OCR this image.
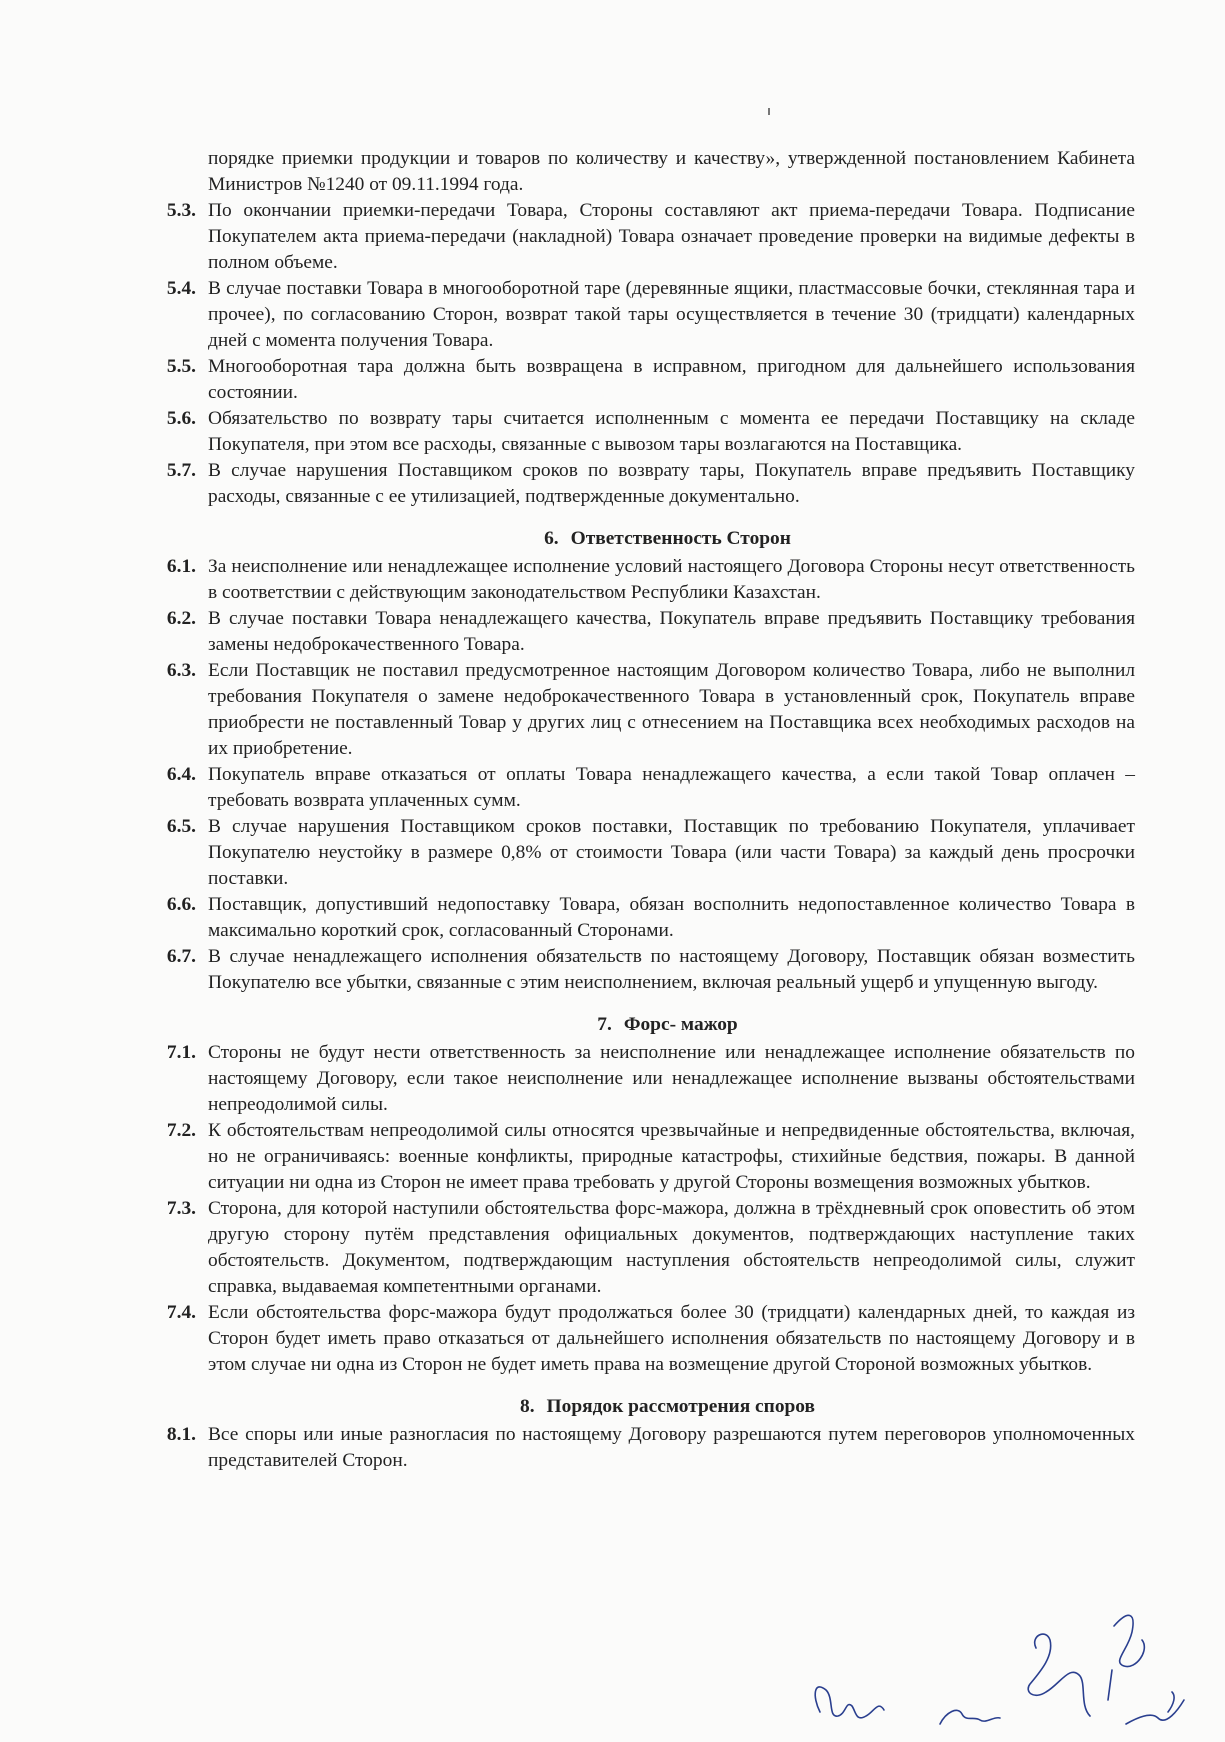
порядке приемки продукции и товаров по количеству и качеству», утвержденной постановлением Кабинета Министров №1240 от 09.11.1994 года.
5.3. По окончании приемки-передачи Товара, Стороны составляют акт приема-передачи Товара. Подписание Покупателем акта приема-передачи (накладной) Товара означает проведение проверки на видимые дефекты в полном объеме.
5.4. В случае поставки Товара в многооборотной таре (деревянные ящики, пластмассовые бочки, стеклянная тара и прочее), по согласованию Сторон, возврат такой тары осуществляется в течение 30 (тридцати) календарных дней с момента получения Товара.
5.5. Многооборотная тара должна быть возвращена в исправном, пригодном для дальнейшего использования состоянии.
5.6. Обязательство по возврату тары считается исполненным с момента ее передачи Поставщику на складе Покупателя, при этом все расходы, связанные с вывозом тары возлагаются на Поставщика.
5.7. В случае нарушения Поставщиком сроков по возврату тары, Покупатель вправе предъявить Поставщику расходы, связанные с ее утилизацией, подтвержденные документально.
6. Ответственность Сторон
6.1. За неисполнение или ненадлежащее исполнение условий настоящего Договора Стороны несут ответственность в соответствии с действующим законодательством Республики Казахстан.
6.2. В случае поставки Товара ненадлежащего качества, Покупатель вправе предъявить Поставщику требования замены недоброкачественного Товара.
6.3. Если Поставщик не поставил предусмотренное настоящим Договором количество Товара, либо не выполнил требования Покупателя о замене недоброкачественного Товара в установленный срок, Покупатель вправе приобрести не поставленный Товар у других лиц с отнесением на Поставщика всех необходимых расходов на их приобретение.
6.4. Покупатель вправе отказаться от оплаты Товара ненадлежащего качества, а если такой Товар оплачен – требовать возврата уплаченных сумм.
6.5. В случае нарушения Поставщиком сроков поставки, Поставщик по требованию Покупателя, уплачивает Покупателю неустойку в размере 0,8% от стоимости Товара (или части Товара) за каждый день просрочки поставки.
6.6. Поставщик, допустивший недопоставку Товара, обязан восполнить недопоставленное количество Товара в максимально короткий срок, согласованный Сторонами.
6.7. В случае ненадлежащего исполнения обязательств по настоящему Договору, Поставщик обязан возместить Покупателю все убытки, связанные с этим неисполнением, включая реальный ущерб и упущенную выгоду.
7. Форс- мажор
7.1. Стороны не будут нести ответственность за неисполнение или ненадлежащее исполнение обязательств по настоящему Договору, если такое неисполнение или ненадлежащее исполнение вызваны обстоятельствами непреодолимой силы.
7.2. К обстоятельствам непреодолимой силы относятся чрезвычайные и непредвиденные обстоятельства, включая, но не ограничиваясь: военные конфликты, природные катастрофы, стихийные бедствия, пожары. В данной ситуации ни одна из Сторон не имеет права требовать у другой Стороны возмещения возможных убытков.
7.3. Сторона, для которой наступили обстоятельства форс-мажора, должна в трёхдневный срок оповестить об этом другую сторону путём представления официальных документов, подтверждающих наступление таких обстоятельств. Документом, подтверждающим наступления обстоятельств непреодолимой силы, служит справка, выдаваемая компетентными органами.
7.4. Если обстоятельства форс-мажора будут продолжаться более 30 (тридцати) календарных дней, то каждая из Сторон будет иметь право отказаться от дальнейшего исполнения обязательств по настоящему Договору и в этом случае ни одна из Сторон не будет иметь права на возмещение другой Стороной возможных убытков.
8. Порядок рассмотрения споров
8.1. Все споры или иные разногласия по настоящему Договору разрешаются путем переговоров уполномоченных представителей Сторон.
